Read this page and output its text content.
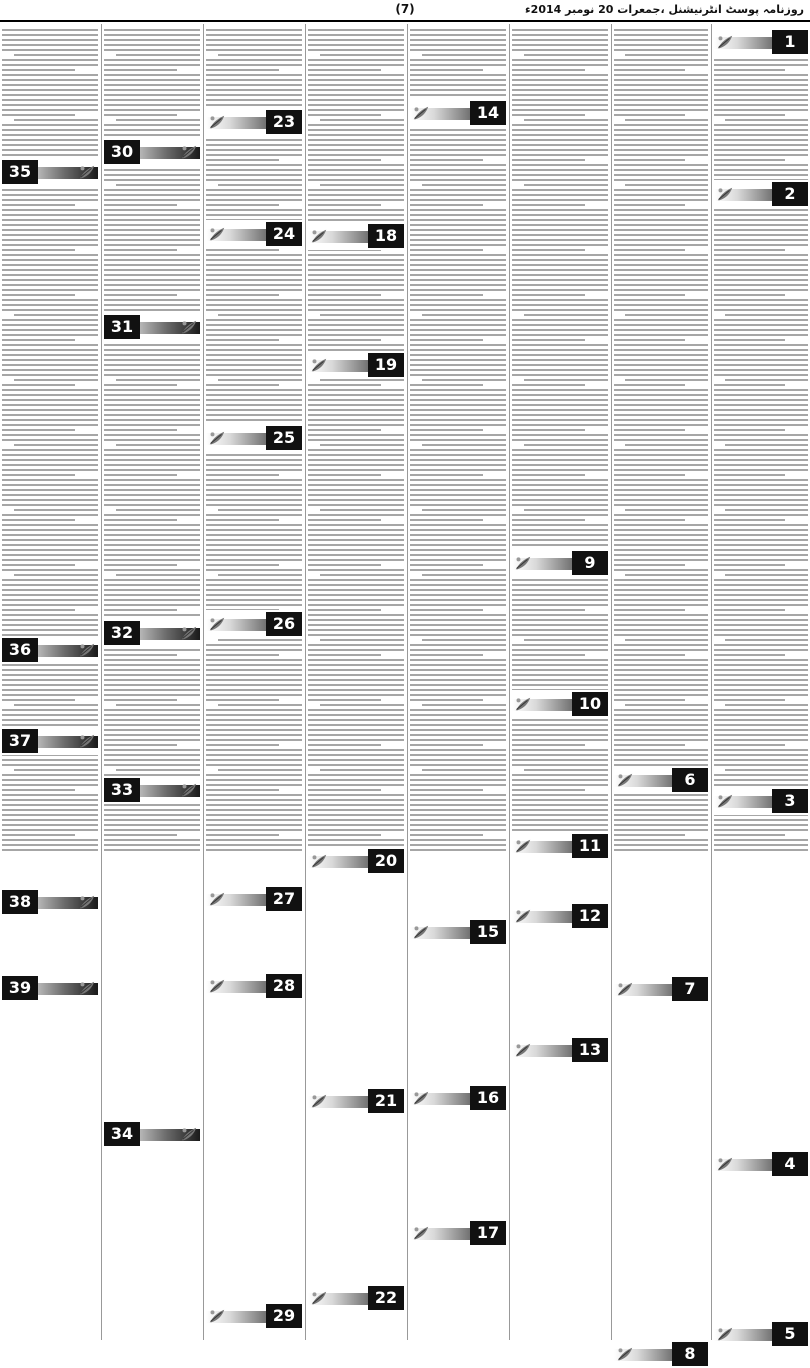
روزنامہ پوسٹ انٹرنیشنل ،جمعرات 20 نومبر 2014ء
(7)
1
2
3
4
5
6
7
8
9
10
11
12
13
14
15
16
17
18
19
20
21
22
23
24
25
26
27
28
29
30
31
32
33
34
35
36
37
38
39
